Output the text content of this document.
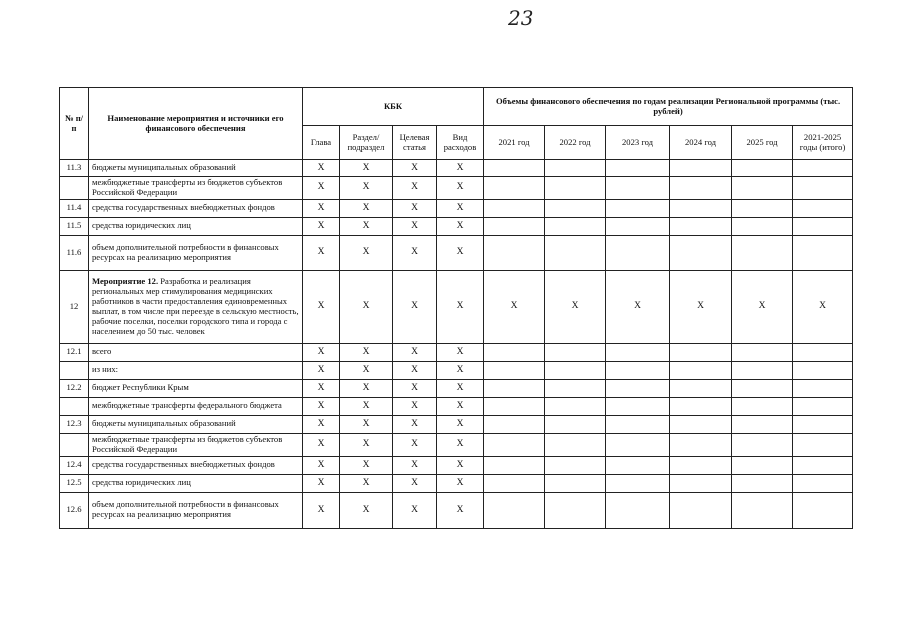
23
№ п/п	Наименование мероприятия и источники его финансового обеспечения	КБК				Объемы финансового обеспечения по годам реализации Региональной программы (тыс. рублей)					
		Глава	Раздел/ подраздел	Целевая статья	Вид расходов	2021 год	2022 год	2023 год	2024 год	2025 год	2021-2025 годы (итого)
11.3	бюджеты муниципальных образований	X	X	X	X						
	межбюджетные трансферты из бюджетов субъектов Российской Федерации	X	X	X	X						
11.4	средства государственных внебюджетных фондов	X	X	X	X						
11.5	средства юридических лиц	X	X	X	X						
11.6	объем дополнительной потребности в финансовых ресурсах на реализацию мероприятия	X	X	X	X						
12	Мероприятие 12. Разработка и реализация региональных мер стимулирования медицинских работников в части предоставления единовременных выплат, в том числе при переезде в сельскую местность, рабочие поселки, поселки городского типа и города с населением до 50 тыс. человек	X	X	X	X	X	X	X	X	X	X
12.1	всего	X	X	X	X						
	из них:	X	X	X	X						
12.2	бюджет Республики Крым	X	X	X	X						
	межбюджетные трансферты федерального бюджета	X	X	X	X						
12.3	бюджеты муниципальных образований	X	X	X	X						
	межбюджетные трансферты из бюджетов субъектов Российской Федерации	X	X	X	X						
12.4	средства государственных внебюджетных фондов	X	X	X	X						
12.5	средства юридических лиц	X	X	X	X						
12.6	объем дополнительной потребности в финансовых ресурсах на реализацию мероприятия	X	X	X	X						
